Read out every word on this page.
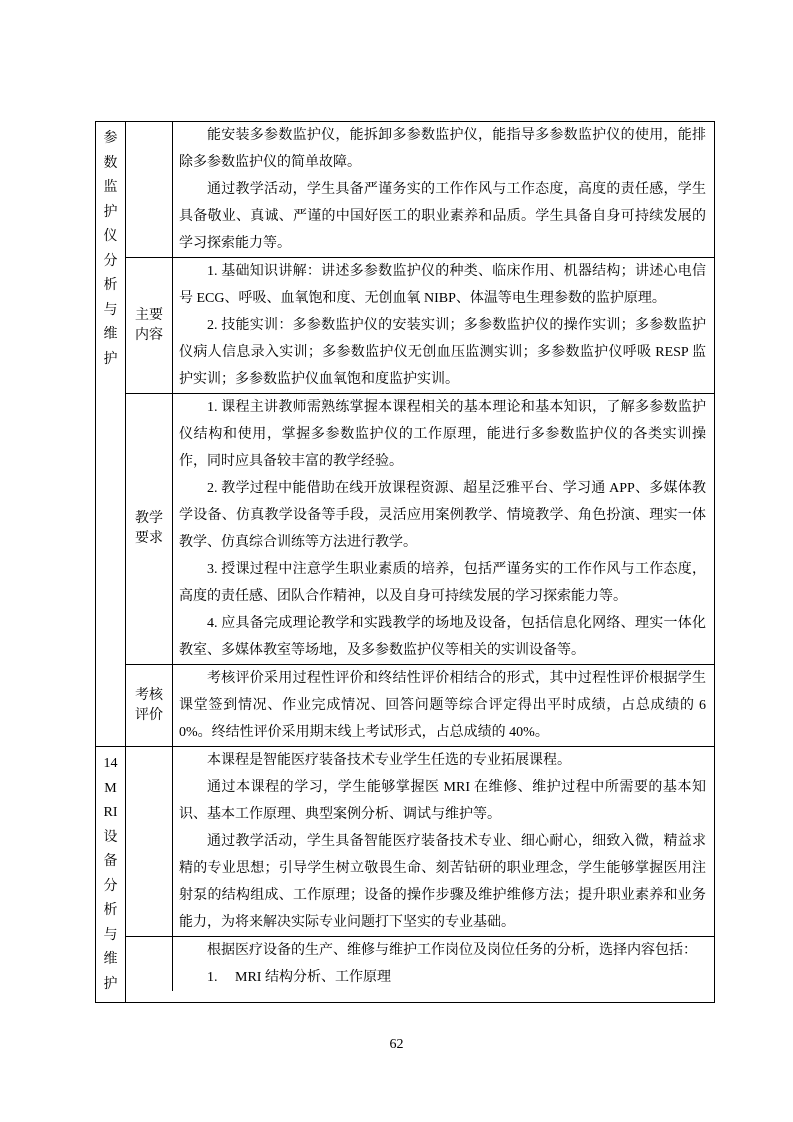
参数监护仪分析与维护

能安装多参数监护仪，能拆卸多参数监护仪，能指导多参数监护仪的使用，能排除多参数监护仪的简单故障。

通过教学活动，学生具备严谨务实的工作作风与工作态度，高度的责任感，学生具备敬业、真诚、严谨的中国好医工的职业素养和品质。学生具备自身可持续发展的学习探索能力等。

主要内容

1. 基础知识讲解：讲述多参数监护仪的种类、临床作用、机器结构；讲述心电信号 ECG、呼吸、血氧饱和度、无创血氧 NIBP、体温等电生理参数的监护原理。

2. 技能实训：多参数监护仪的安装实训；多参数监护仪的操作实训；多参数监护仪病人信息录入实训；多参数监护仪无创血压监测实训；多参数监护仪呼吸 RESP 监护实训；多参数监护仪血氧饱和度监护实训。

教学要求

1. 课程主讲教师需熟练掌握本课程相关的基本理论和基本知识，了解多参数监护仪结构和使用，掌握多参数监护仪的工作原理，能进行多参数监护仪的各类实训操作，同时应具备较丰富的教学经验。

2. 教学过程中能借助在线开放课程资源、超星泛雅平台、学习通 APP、多媒体教学设备、仿真教学设备等手段，灵活应用案例教学、情境教学、角色扮演、理实一体教学、仿真综合训练等方法进行教学。

3. 授课过程中注意学生职业素质的培养，包括严谨务实的工作作风与工作态度，高度的责任感、团队合作精神，以及自身可持续发展的学习探索能力等。

4. 应具备完成理论教学和实践教学的场地及设备，包括信息化网络、理实一体化教室、多媒体教室等场地，及多参数监护仪等相关的实训设备等。

考核评价

考核评价采用过程性评价和终结性评价相结合的形式，其中过程性评价根据学生课堂签到情况、作业完成情况、回答问题等综合评定得出平时成绩，占总成绩的 60%。终结性评价采用期末线上考试形式，占总成绩的 40%。

14 MRI 设备分析与维护

本课程是智能医疗装备技术专业学生任选的专业拓展课程。

通过本课程的学习，学生能够掌握医 MRI 在维修、维护过程中所需要的基本知识、基本工作原理、典型案例分析、调试与维护等。

通过教学活动，学生具备智能医疗装备技术专业、细心耐心，细致入微，精益求精的专业思想；引导学生树立敬畏生命、刻苦钻研的职业理念，学生能够掌握医用注射泵的结构组成、工作原理；设备的操作步骤及维护维修方法；提升职业素养和业务能力，为将来解决实际专业问题打下坚实的专业基础。

根据医疗设备的生产、维修与维护工作岗位及岗位任务的分析，选择内容包括：

1.　 MRI 结构分析、工作原理

62
